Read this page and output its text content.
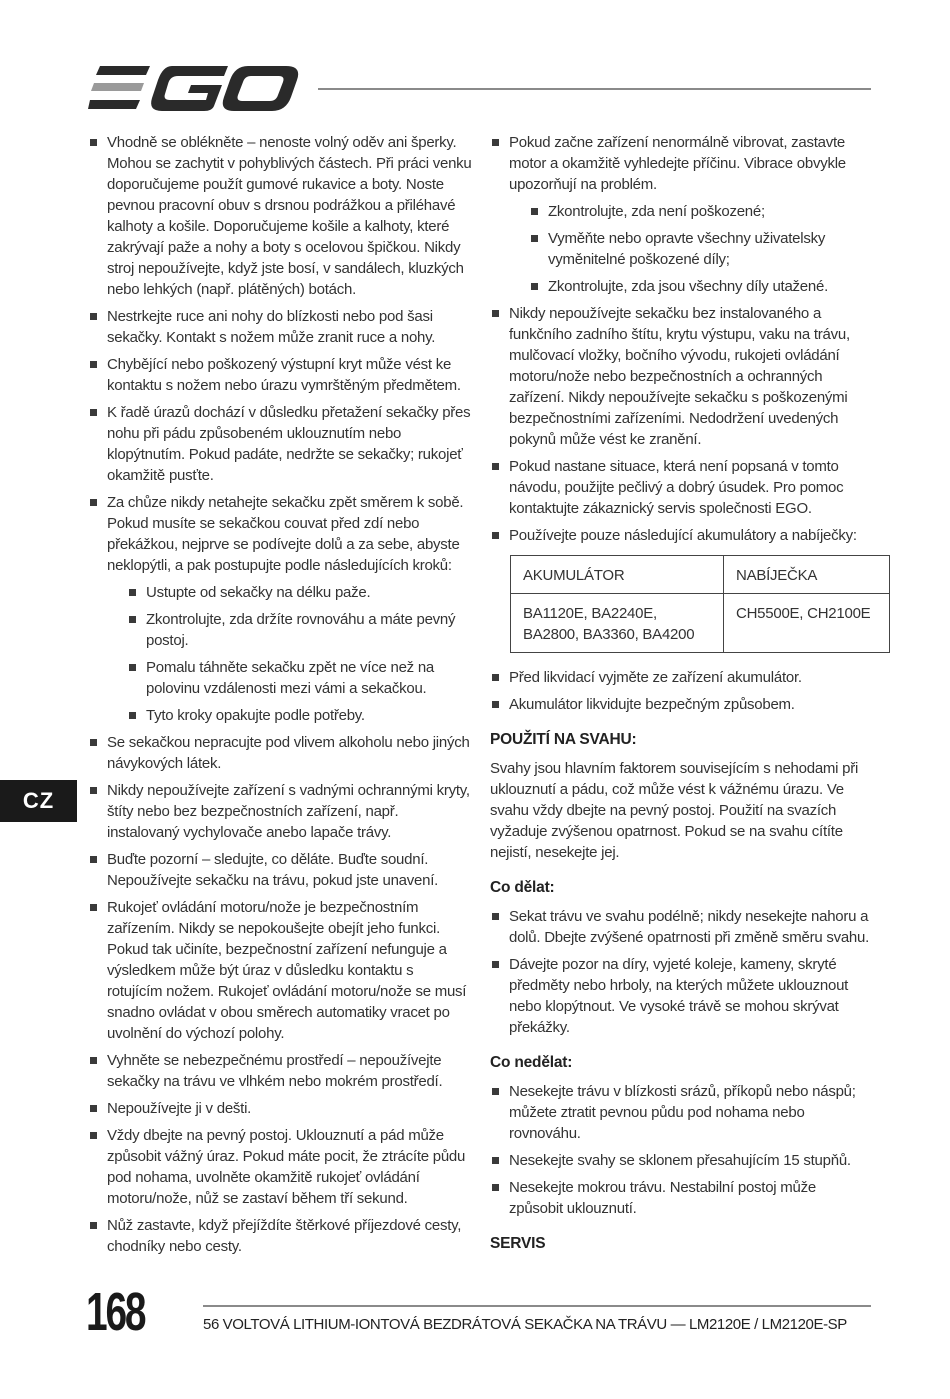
Vhodně se oblékněte – nenoste volný oděv ani šperky. Mohou se zachytit v pohyblivých částech. Při práci venku doporučujeme použít gumové rukavice a boty. Noste pevnou pracovní obuv s drsnou podrážkou a přiléhavé kalhoty a košile. Doporučujeme košile a kalhoty, které zakrývají paže a nohy a boty s ocelovou špičkou. Nikdy stroj nepoužívejte, když jste bosí, v sandálech, kluzkých nebo lehkých (např. plátěných) botách.
Nestrkejte ruce ani nohy do blízkosti nebo pod šasi sekačky. Kontakt s nožem může zranit ruce a nohy.
Chybějící nebo poškozený výstupní kryt může vést ke kontaktu s nožem nebo úrazu vymrštěným předmětem.
K řadě úrazů dochází v důsledku přetažení sekačky přes nohu při pádu způsobeném uklouznutím nebo klopýtnutím. Pokud padáte, nedržte se sekačky; rukojeť okamžitě pusťte.
Za chůze nikdy netahejte sekačku zpět směrem k sobě. Pokud musíte se sekačkou couvat před zdí nebo překážkou, nejprve se podívejte dolů a za sebe, abyste neklopýtli, a pak postupujte podle následujících kroků:
Ustupte od sekačky na délku paže.
Zkontrolujte, zda držíte rovnováhu a máte pevný postoj.
Pomalu táhněte sekačku zpět ne více než na polovinu vzdálenosti mezi vámi a sekačkou.
Tyto kroky opakujte podle potřeby.
Se sekačkou nepracujte pod vlivem alkoholu nebo jiných návykových látek.
Nikdy nepoužívejte zařízení s vadnými ochrannými kryty, štíty nebo bez bezpečnostních zařízení, např. instalovaný vychylovače anebo lapače trávy.
Buďte pozorní – sledujte, co děláte. Buďte soudní. Nepoužívejte sekačku na trávu, pokud jste unavení.
Rukojeť ovládání motoru/nože je bezpečnostním zařízením. Nikdy se nepokoušejte obejít jeho funkci. Pokud tak učiníte, bezpečnostní zařízení nefunguje a výsledkem může být úraz v důsledku kontaktu s rotujícím nožem. Rukojeť ovládání motoru/nože se musí snadno ovládat v obou směrech automatiky vracet po uvolnění do výchozí polohy.
Vyhněte se nebezpečnému prostředí – nepoužívejte sekačky na trávu ve vlhkém nebo mokrém prostředí.
Nepoužívejte ji v dešti.
Vždy dbejte na pevný postoj. Uklouznutí a pád může způsobit vážný úraz. Pokud máte pocit, že ztrácíte půdu pod nohama, uvolněte okamžitě rukojeť ovládání motoru/nože, nůž se zastaví během tří sekund.
Nůž zastavte, když přejíždíte štěrkové příjezdové cesty, chodníky nebo cesty.
Pokud začne zařízení nenormálně vibrovat, zastavte motor a okamžitě vyhledejte příčinu. Vibrace obvykle upozorňují na problém.
Zkontrolujte, zda není poškozené;
Vyměňte nebo opravte všechny uživatelsky vyměnitelné poškozené díly;
Zkontrolujte, zda jsou všechny díly utažené.
Nikdy nepoužívejte sekačku bez instalovaného a funkčního zadního štítu, krytu výstupu, vaku na trávu, mulčovací vložky, bočního vývodu, rukojeti ovládání motoru/nože nebo bezpečnostních a ochranných zařízení. Nikdy nepoužívejte sekačku s poškozenými bezpečnostními zařízeními. Nedodržení uvedených pokynů může vést ke zranění.
Pokud nastane situace, která není popsaná v tomto návodu, použijte pečlivý a dobrý úsudek. Pro pomoc kontaktujte zákaznický servis společnosti EGO.
Používejte pouze následující akumulátory a nabíječky:
AKUMULÁTOR	NABÍJEČKA
BA1120E, BA2240E, BA2800, BA3360, BA4200	CH5500E, CH2100E
Před likvidací vyjměte ze zařízení akumulátor.
Akumulátor likvidujte bezpečným způsobem.
POUŽITÍ NA SVAHU:
Svahy jsou hlavním faktorem souvisejícím s nehodami při uklouznutí a pádu, což může vést k vážnému úrazu. Ve svahu vždy dbejte na pevný postoj. Použití na svazích vyžaduje zvýšenou opatrnost. Pokud se na svahu cítíte nejistí, nesekejte jej.
Co dělat:
Sekat trávu ve svahu podélně; nikdy nesekejte nahoru a dolů. Dbejte zvýšené opatrnosti při změně směru svahu.
Dávejte pozor na díry, vyjeté koleje, kameny, skryté předměty nebo hrboly, na kterých můžete uklouznout nebo klopýtnout. Ve vysoké trávě se mohou skrývat překážky.
Co nedělat:
Nesekejte trávu v blízkosti srázů, příkopů nebo náspů; můžete ztratit pevnou půdu pod nohama nebo rovnováhu.
Nesekejte svahy se sklonem přesahujícím 15 stupňů.
Nesekejte mokrou trávu. Nestabilní postoj může způsobit uklouznutí.
SERVIS
CZ
168	56 VOLTOVÁ LITHIUM-IONTOVÁ BEZDRÁTOVÁ SEKAČKA NA TRÁVU — LM2120E / LM2120E-SP
